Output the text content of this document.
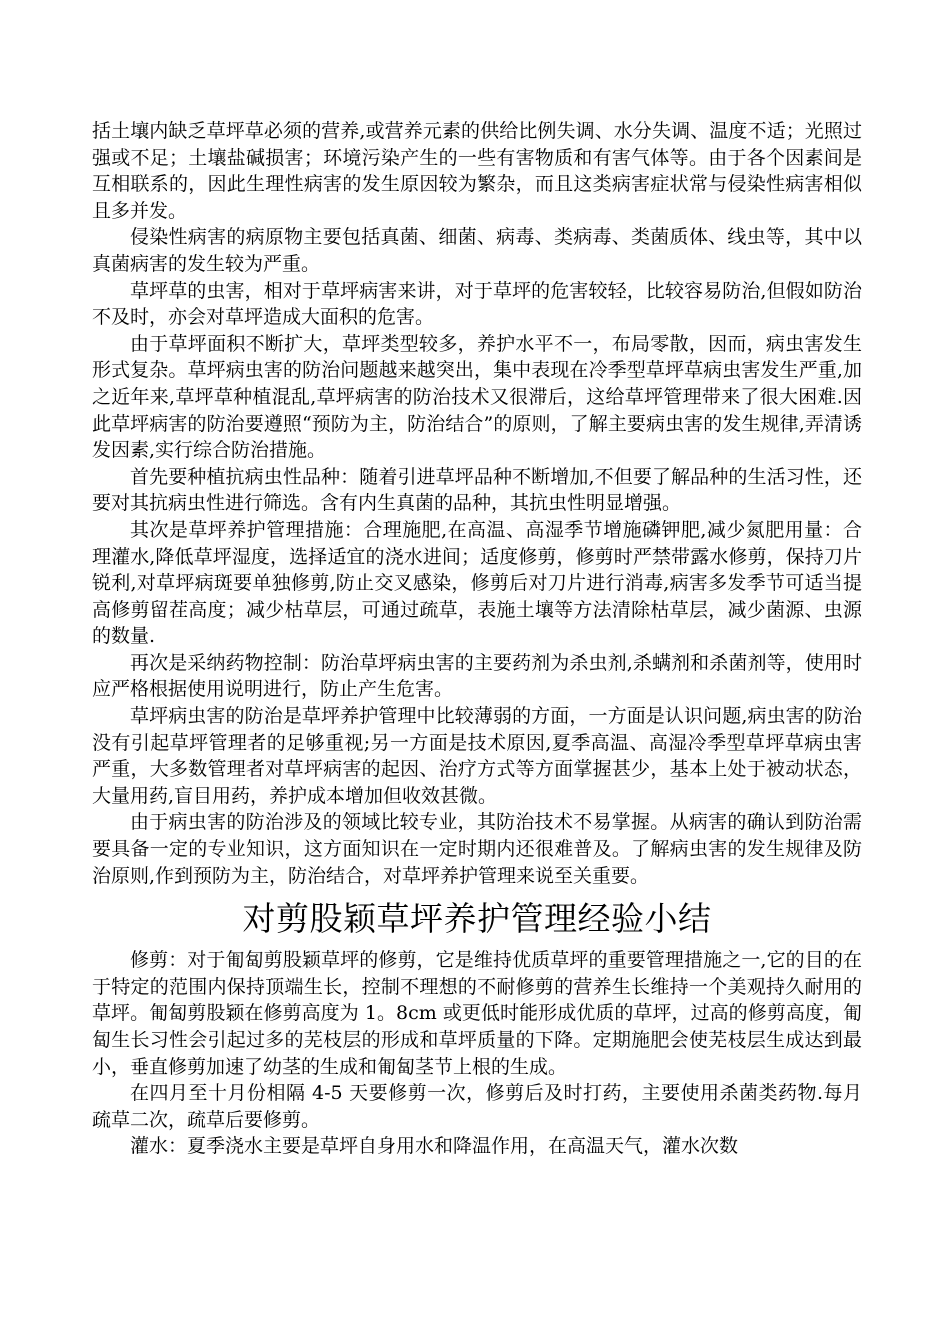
括土壤内缺乏草坪草必须的营养,或营养元素的供给比例失调、水分失调、温度不适；光照过强或不足；土壤盐碱损害；环境污染产生的一些有害物质和有害气体等。由于各个因素间是互相联系的，因此生理性病害的发生原因较为繁杂，而且这类病害症状常与侵染性病害相似且多并发。

侵染性病害的病原物主要包括真菌、细菌、病毒、类病毒、类菌质体、线虫等，其中以真菌病害的发生较为严重。

草坪草的虫害，相对于草坪病害来讲，对于草坪的危害较轻，比较容易防治,但假如防治不及时，亦会对草坪造成大面积的危害。

由于草坪面积不断扩大，草坪类型较多，养护水平不一，布局零散，因而，病虫害发生形式复杂。草坪病虫害的防治问题越来越突出，集中表现在冷季型草坪草病虫害发生严重,加之近年来,草坪草种植混乱,草坪病害的防治技术又很滞后，这给草坪管理带来了很大困难.因此草坪病害的防治要遵照“预防为主，防治结合”的原则，了解主要病虫害的发生规律,弄清诱发因素,实行综合防治措施。

首先要种植抗病虫性品种：随着引进草坪品种不断增加,不但要了解品种的生活习性，还要对其抗病虫性进行筛选。含有内生真菌的品种，其抗虫性明显增强。

其次是草坪养护管理措施：合理施肥,在高温、高湿季节增施磷钾肥,减少氮肥用量：合理灌水,降低草坪湿度，选择适宜的浇水进间；适度修剪，修剪时严禁带露水修剪，保持刀片锐利,对草坪病斑要单独修剪,防止交叉感染，修剪后对刀片进行消毒,病害多发季节可适当提高修剪留茬高度；减少枯草层，可通过疏草，表施土壤等方法清除枯草层，减少菌源、虫源的数量.

再次是采纳药物控制：防治草坪病虫害的主要药剂为杀虫剂,杀螨剂和杀菌剂等，使用时应严格根据使用说明进行，防止产生危害。

草坪病虫害的防治是草坪养护管理中比较薄弱的方面，一方面是认识问题,病虫害的防治没有引起草坪管理者的足够重视;另一方面是技术原因,夏季高温、高湿冷季型草坪草病虫害严重，大多数管理者对草坪病害的起因、治疗方式等方面掌握甚少，基本上处于被动状态，大量用药,盲目用药，养护成本增加但收效甚微。

由于病虫害的防治涉及的领域比较专业，其防治技术不易掌握。从病害的确认到防治需要具备一定的专业知识，这方面知识在一定时期内还很难普及。了解病虫害的发生规律及防治原则,作到预防为主，防治结合，对草坪养护管理来说至关重要。

对剪股颖草坪养护管理经验小结

修剪：对于匍匐剪股颖草坪的修剪，它是维持优质草坪的重要管理措施之一,它的目的在于特定的范围内保持顶端生长，控制不理想的不耐修剪的营养生长维持一个美观持久耐用的草坪。匍匐剪股颖在修剪高度为 1。8cm 或更低时能形成优质的草坪，过高的修剪高度，匍匐生长习性会引起过多的芜枝层的形成和草坪质量的下降。定期施肥会使芜枝层生成达到最小，垂直修剪加速了幼茎的生成和匍匐茎节上根的生成。

在四月至十月份相隔 4-5 天要修剪一次，修剪后及时打药，主要使用杀菌类药物.每月疏草二次，疏草后要修剪。

灌水：夏季浇水主要是草坪自身用水和降温作用，在高温天气，灌水次数
